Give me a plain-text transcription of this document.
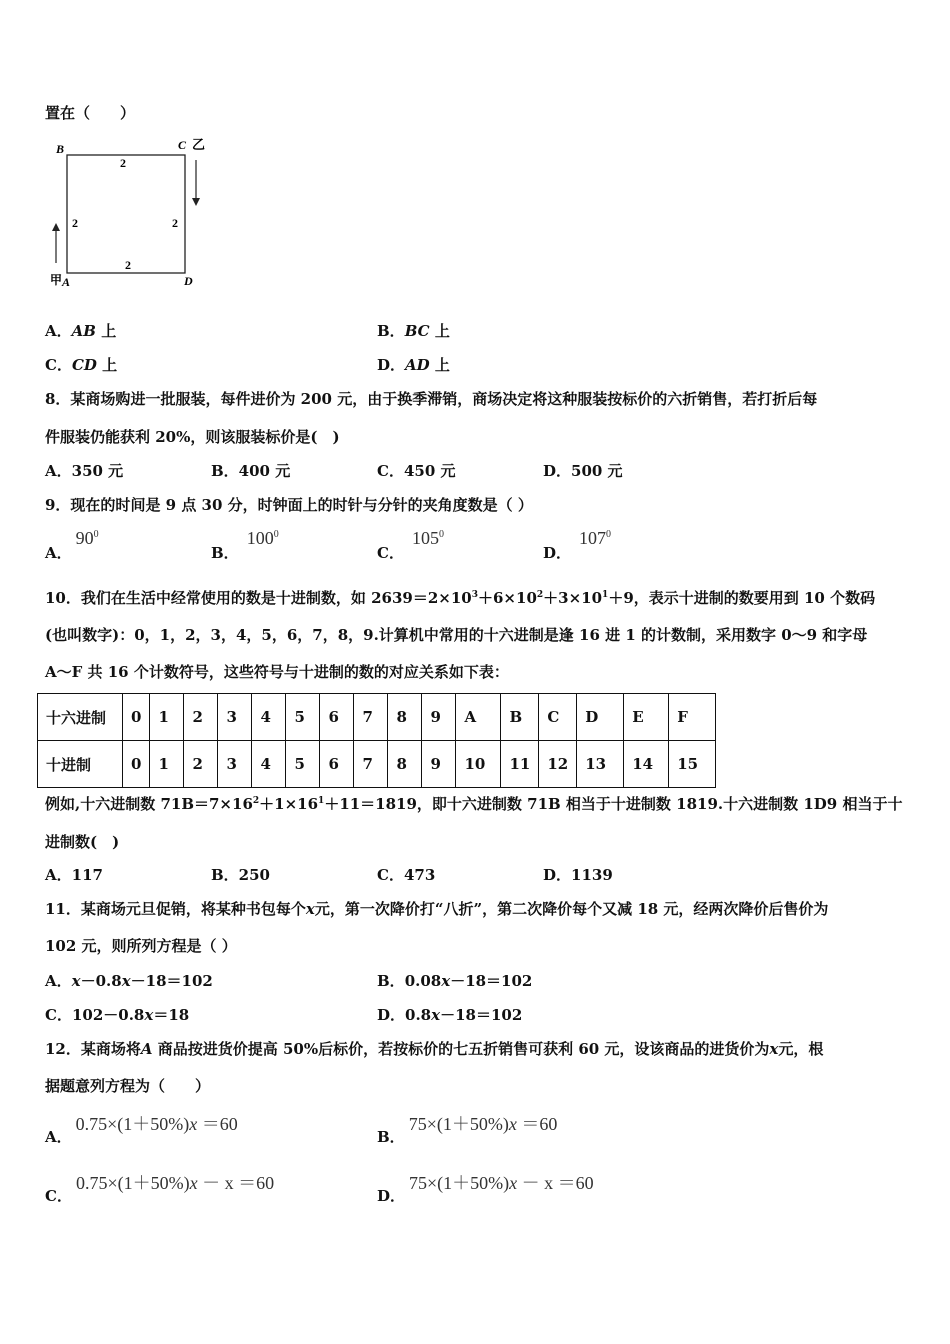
置在（　　）
B	C 乙
2
2	2
2
甲 A	D
A．AB 上	B．BC 上
C．CD 上	D．AD 上
8．某商场购进一批服装，每件进价为 200 元，由于换季滞销，商场决定将这种服装按标价的六折销售，若打折后每
件服装仍能获利 20%，则该服装标价是(　)
A．350 元	B．400 元	C．450 元	D．500 元
9．现在的时间是 9 点 30 分，时钟面上的时针与分针的夹角度数是（ ）
A．$90^0$
B．$100^0$
C．$105^0$
D．$107^0$
10．我们在生活中经常使用的数是十进制数，如 $2639=2\times 10^3+6\times 10^2+3\times 10^1+9$，表示十进制的数要用到 10 个数码
(也叫数字)：0，1，2，3，4，5，6，7，8，9.计算机中常用的十六进制是逢 16 进 1 的计数制，采用数字 0～9 和字母
A～F 共 16 个计数符号，这些符号与十进制的数的对应关系如下表：
十六进制	0	1	2	3	4	5	6	7	8	9	A	B	C	D	E	F
十进制	0	1	2	3	4	5	6	7	8	9	10	11	12	13	14	15
例如,十六进制数 $71B=7\times 16^2+1\times 16^1+11=1819$，即十六进制数 71B 相当于十进制数 1819.十六进制数 1D9 相当于十
进制数(　)
A．117	B．250	C．473	D．1139
11．某商场元旦促销，将某种书包每个x元，第一次降价打“八折”，第二次降价每个又减 18 元，经两次降价后售价为
102 元，则所列方程是（ ）
A．x－0.8x－18＝102	B．0.08x－18＝102
C．102－0.8x＝18	D．0.8x－18＝102
12．某商场将A 商品按进货价提高 50%后标价，若按标价的七五折销售可获利 60 元，设该商品的进货价为x元，根
据题意列方程为（　　）
A．0.75×(1＋50%)x ＝60
B．75×(1＋50%)x ＝60
C．0.75×(1＋50%)x － x ＝60
D．75×(1＋50%)x － x ＝60
